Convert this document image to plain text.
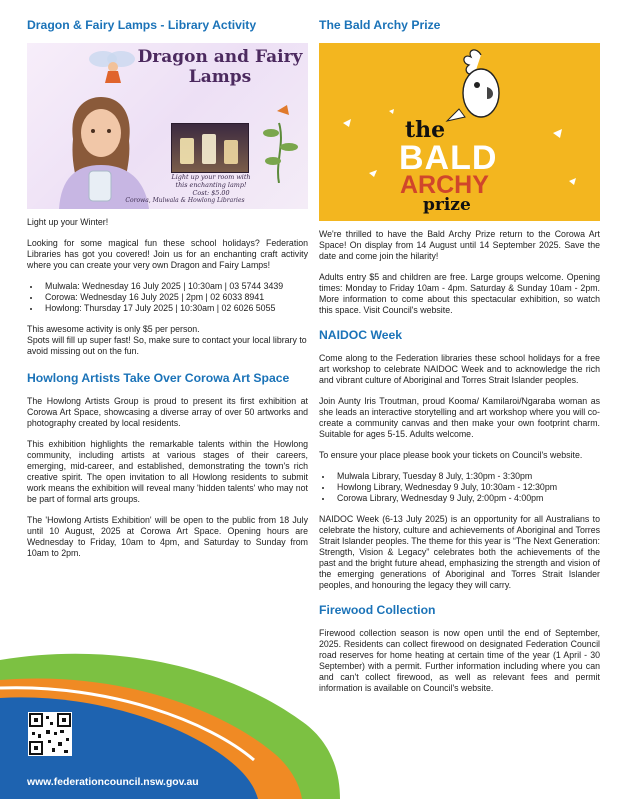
Dragon & Fairy Lamps - Library Activity
Dragon and Fairy Lamps
Light up your room with this enchanting lamp! Cost: $5.00
Corowa, Mulwala & Howlong Libraries

Light up your Winter!

Looking for some magical fun these school holidays? Federation Libraries has got you covered! Join us for an enchanting craft activity where you can create your very own Dragon and Fairy Lamps!

• Mulwala: Wednesday 16 July 2025 | 10:30am | 03 5744 3439
• Corowa: Wednesday 16 July 2025 | 2pm | 02 6033 8941
• Howlong: Thursday 17 July 2025 | 10:30am | 02 6026 5055

This awesome activity is only $5 per person.

Spots will fill up super fast! So, make sure to contact your local library to avoid missing out on the fun.

Howlong Artists Take Over Corowa Art Space

The Howlong Artists Group is proud to present its first exhibition at Corowa Art Space, showcasing a diverse array of over 50 artworks and photography created by local residents.

This exhibition highlights the remarkable talents within the Howlong community, including artists at various stages of their careers, emerging, mid-career, and established, demonstrating the town's rich creative spirit. The open invitation to all Howlong residents to submit work means the exhibition will reveal many 'hidden talents' who may not be part of formal arts groups.

The 'Howlong Artists Exhibition' will be open to the public from 18 July until 10 August, 2025 at Corowa Art Space. Opening hours are Wednesday to Friday, 10am to 4pm, and Saturday to Sunday from 10am to 2pm.

The Bald Archy Prize
the
BALD
ARCHY
prize

We're thrilled to have the Bald Archy Prize return to the Corowa Art Space! On display from 14 August until 14 September 2025. Save the date and come join the hilarity!

Adults entry $5 and children are free. Large groups welcome. Opening times: Monday to Friday 10am - 4pm. Saturday & Sunday 10am - 2pm. More information to come about this spectacular exhibition, so watch this space. Visit Council's website.

NAIDOC Week

Come along to the Federation libraries these school holidays for a free art workshop to celebrate NAIDOC Week and to acknowledge the rich and vibrant culture of Aboriginal and Torres Strait Islander peoples.

Join Aunty Iris Troutman, proud Kooma/ Kamilaroi/Ngaraba woman as she leads an interactive storytelling and art workshop where you will co-create a community canvas and then make your own footprint charm. Suitable for ages 5-15. Adults welcome.

To ensure your place please book your tickets on Council's website.

• Mulwala Library, Tuesday 8 July, 1:30pm - 3:30pm
• Howlong Library, Wednesday 9 July, 10:30am - 12:30pm
• Corowa Library, Wednesday 9 July, 2:00pm - 4:00pm

NAIDOC Week (6-13 July 2025) is an opportunity for all Australians to celebrate the history, culture and achievements of Aboriginal and Torres Strait Islander peoples. The theme for this year is “The Next Generation: Strength, Vision & Legacy” celebrates both the achievements of the past and the bright future ahead, emphasizing the strength and vision of the emerging generations of Aboriginal and Torres Strait Islander peoples, and honouring the legacy they will carry.

Firewood Collection

Firewood collection season is now open until the end of September, 2025. Residents can collect firewood on designated Federation Council road reserves for home heating at certain time of the year (1 April - 30 September) with a permit. Further information including where you can and can't collect firewood, as well as relevant fees and permit information is available on Council's website.

www.federationcouncil.nsw.gov.au
